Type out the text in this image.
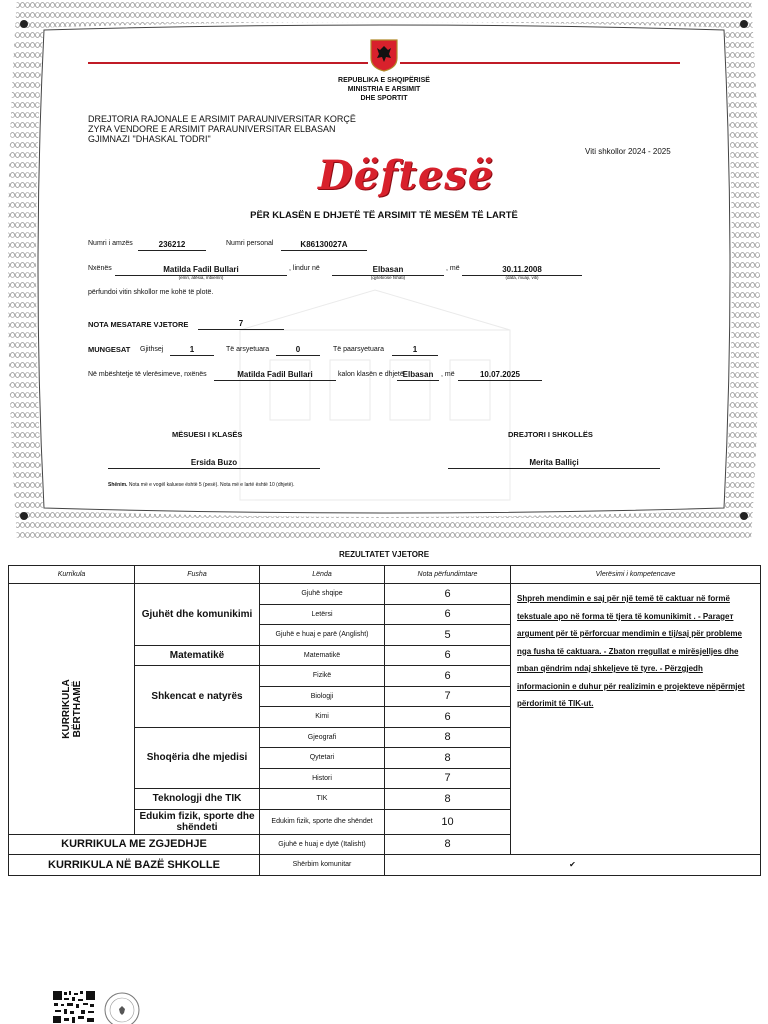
REPUBLIKA E SHQIPËRISË
MINISTRIA E ARSIMIT
DHE SPORTIT
DREJTORIA RAJONALE E ARSIMIT PARAUNIVERSITAR KORÇË
ZYRA VENDORE E ARSIMIT PARAUNIVERSITAR ELBASAN
GJIMNAZI "DHASKAL TODRI"
Viti shkollor 2024 - 2025
Dëftesë
PËR KLASËN E DHJETË TË ARSIMIT TË MESËM TË LARTË
Numri i amzës	236212	Numri personal	K86130027A
Nxënës	Matilda Fadil Bullari
(emri, atësia, mbiemri)
, lindur në	Elbasan
(qyteti/ose fshati)
, më	30.11.2008
(data, muaji, viti)
përfundoi vitin shkollor me kohë të plotë.
NOTA MESATARE VJETORE	7
MUNGESAT Gjithsej	1	Të arsyetuara	0	Të paarsyetuara	1
Në mbështetje të vlerësimeve, nxënës	Matilda Fadil Bullari	kalon klasën e dhjetë
Elbasan	, më	10.07.2025
MËSUESI I KLASËS	DREJTORI I SHKOLLËS
Ersida Buzo	Merita Balliçi
Shënim. Nota më e vogël kaluese është 5 (pesë). Nota më e lartë është 10 (dhjetë).
REZULTATET VJETORE
Kurrikula	Fusha	Lënda	Nota përfundimtare	Vlerësimi i kompetencave

KURRIKULA BËRTHAMË	Gjuhët dhe komunikimi	Gjuhë shqipe	6	Shpreh mendimin e saj për një temë të caktuar në formë tekstuale apo në forma të tjera të komunikimit . - Parageт argument për të përforcuar mendimin e tij/saj për probleme nga fusha të caktuara. - Zbaton rregullat e mirësjelljes dhe mban qëndrim ndaj shkeljeve të tyre. - Përzgjedh informacionin e duhur për realizimin e projekteve nëpërmjet përdorimit të TIK-ut.
		Letërsi	6	
		Gjuhë e huaj e parë (Anglisht)	5	
	Matematikë	Matematikë	6	
	Shkencat e natyrës	Fizikë	6	
		Biologji	7	
		Kimi	6	
	Shoqëria dhe mjedisi	Gjeografi	8	
		Qytetari	8	
		Histori	7	
	Teknologji dhe TIK	TIK	8	
	Edukim fizik, sporte dhe shëndeti	Edukim fizik, sporte dhe shëndet	10	
KURRIKULA ME ZGJEDHJE		Gjuhë e huaj e dytë (Italisht)	8	
KURRIKULA NË BAZË SHKOLLE		Shërbim komunitar	✔	
